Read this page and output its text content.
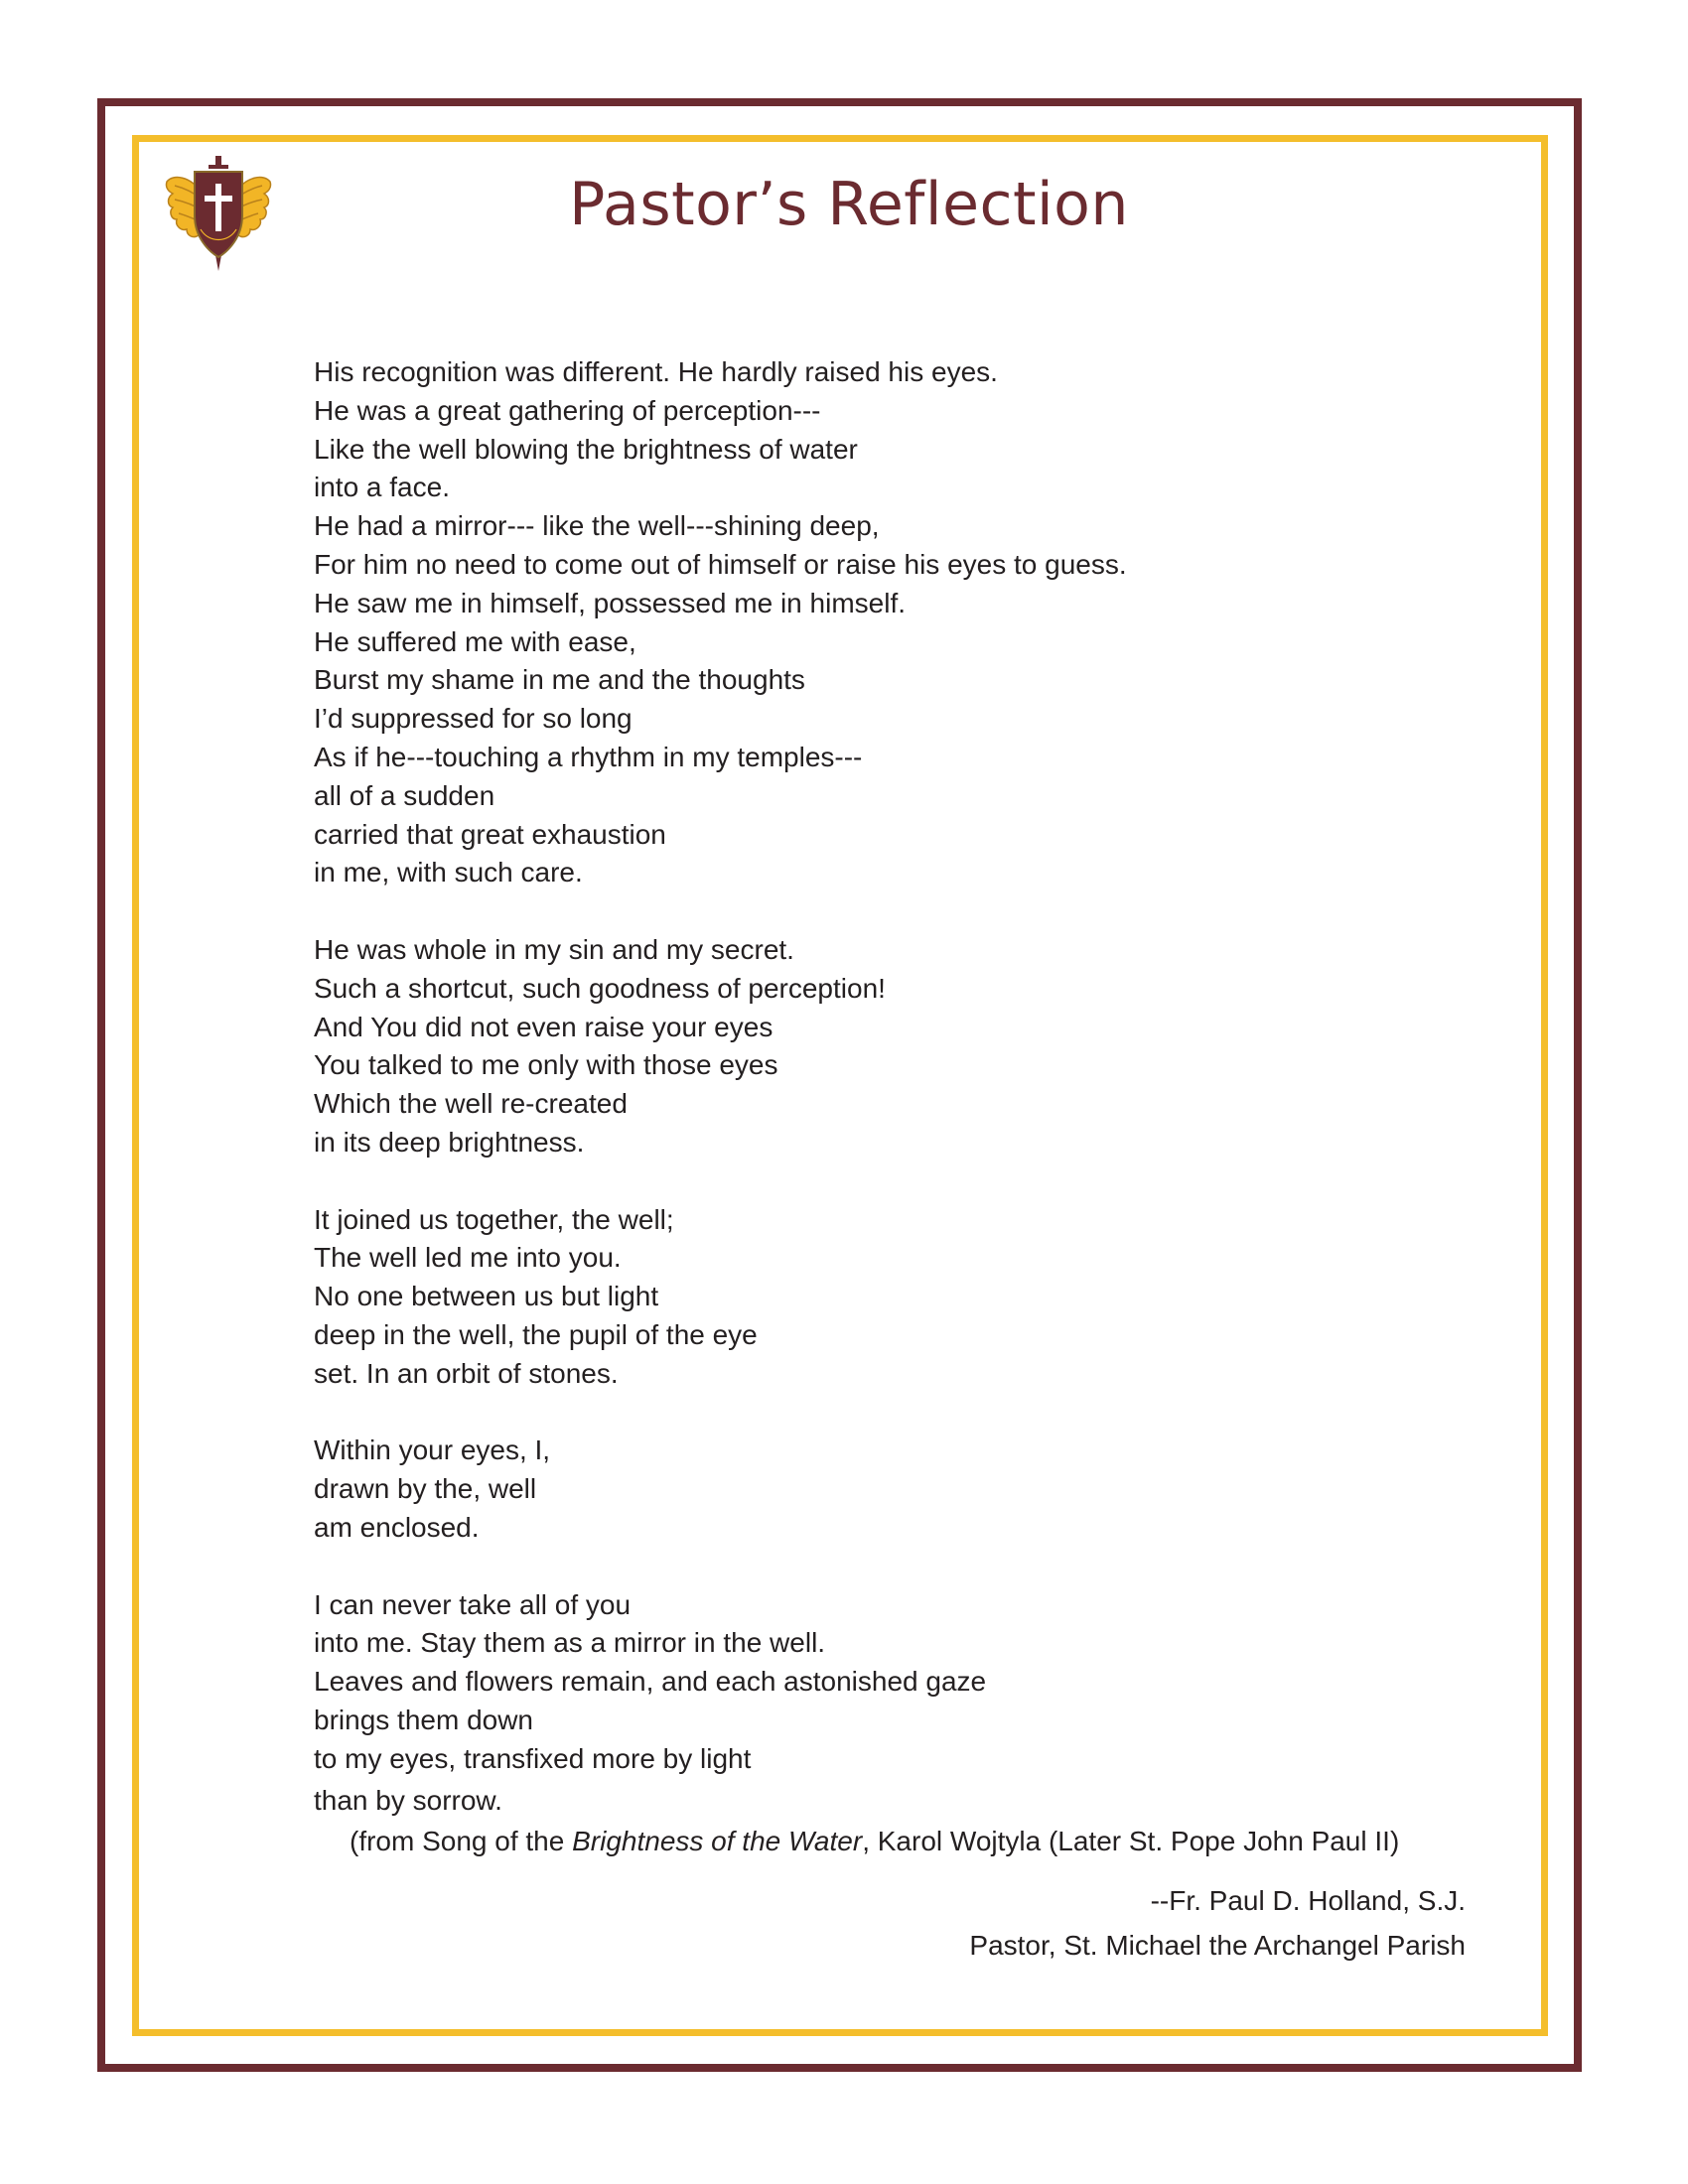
Pastor’s Reflection
His recognition was different. He hardly raised his eyes.
He was a great gathering of perception---
Like the well blowing the brightness of water
into a face.
He had a mirror--- like the well---shining deep,
For him no need to come out of himself or raise his eyes to guess.
He saw me in himself, possessed me in himself.
He suffered me with ease,
Burst my shame in me and the thoughts
I’d suppressed for so long
As if he---touching a rhythm in my temples---
all of a sudden
carried that great exhaustion
in me, with such care.
He was whole in my sin and my secret.
Such a shortcut, such goodness of perception!
And You did not even raise your eyes
You talked to me only with those eyes
Which the well re-created
in its deep brightness.
It joined us together, the well;
The well led me into you.
No one between us but light
deep in the well, the pupil of the eye
set. In an orbit of stones.
Within your eyes, I,
drawn by the, well
am enclosed.
I can never take all of you
into me. Stay them as a mirror in the well.
Leaves and flowers remain, and each astonished gaze
brings them down
to my eyes, transfixed more by light
than by sorrow.
(from Song of the Brightness of the Water, Karol Wojtyla (Later St. Pope John Paul II)
--Fr. Paul D. Holland, S.J.
Pastor, St. Michael the Archangel Parish
